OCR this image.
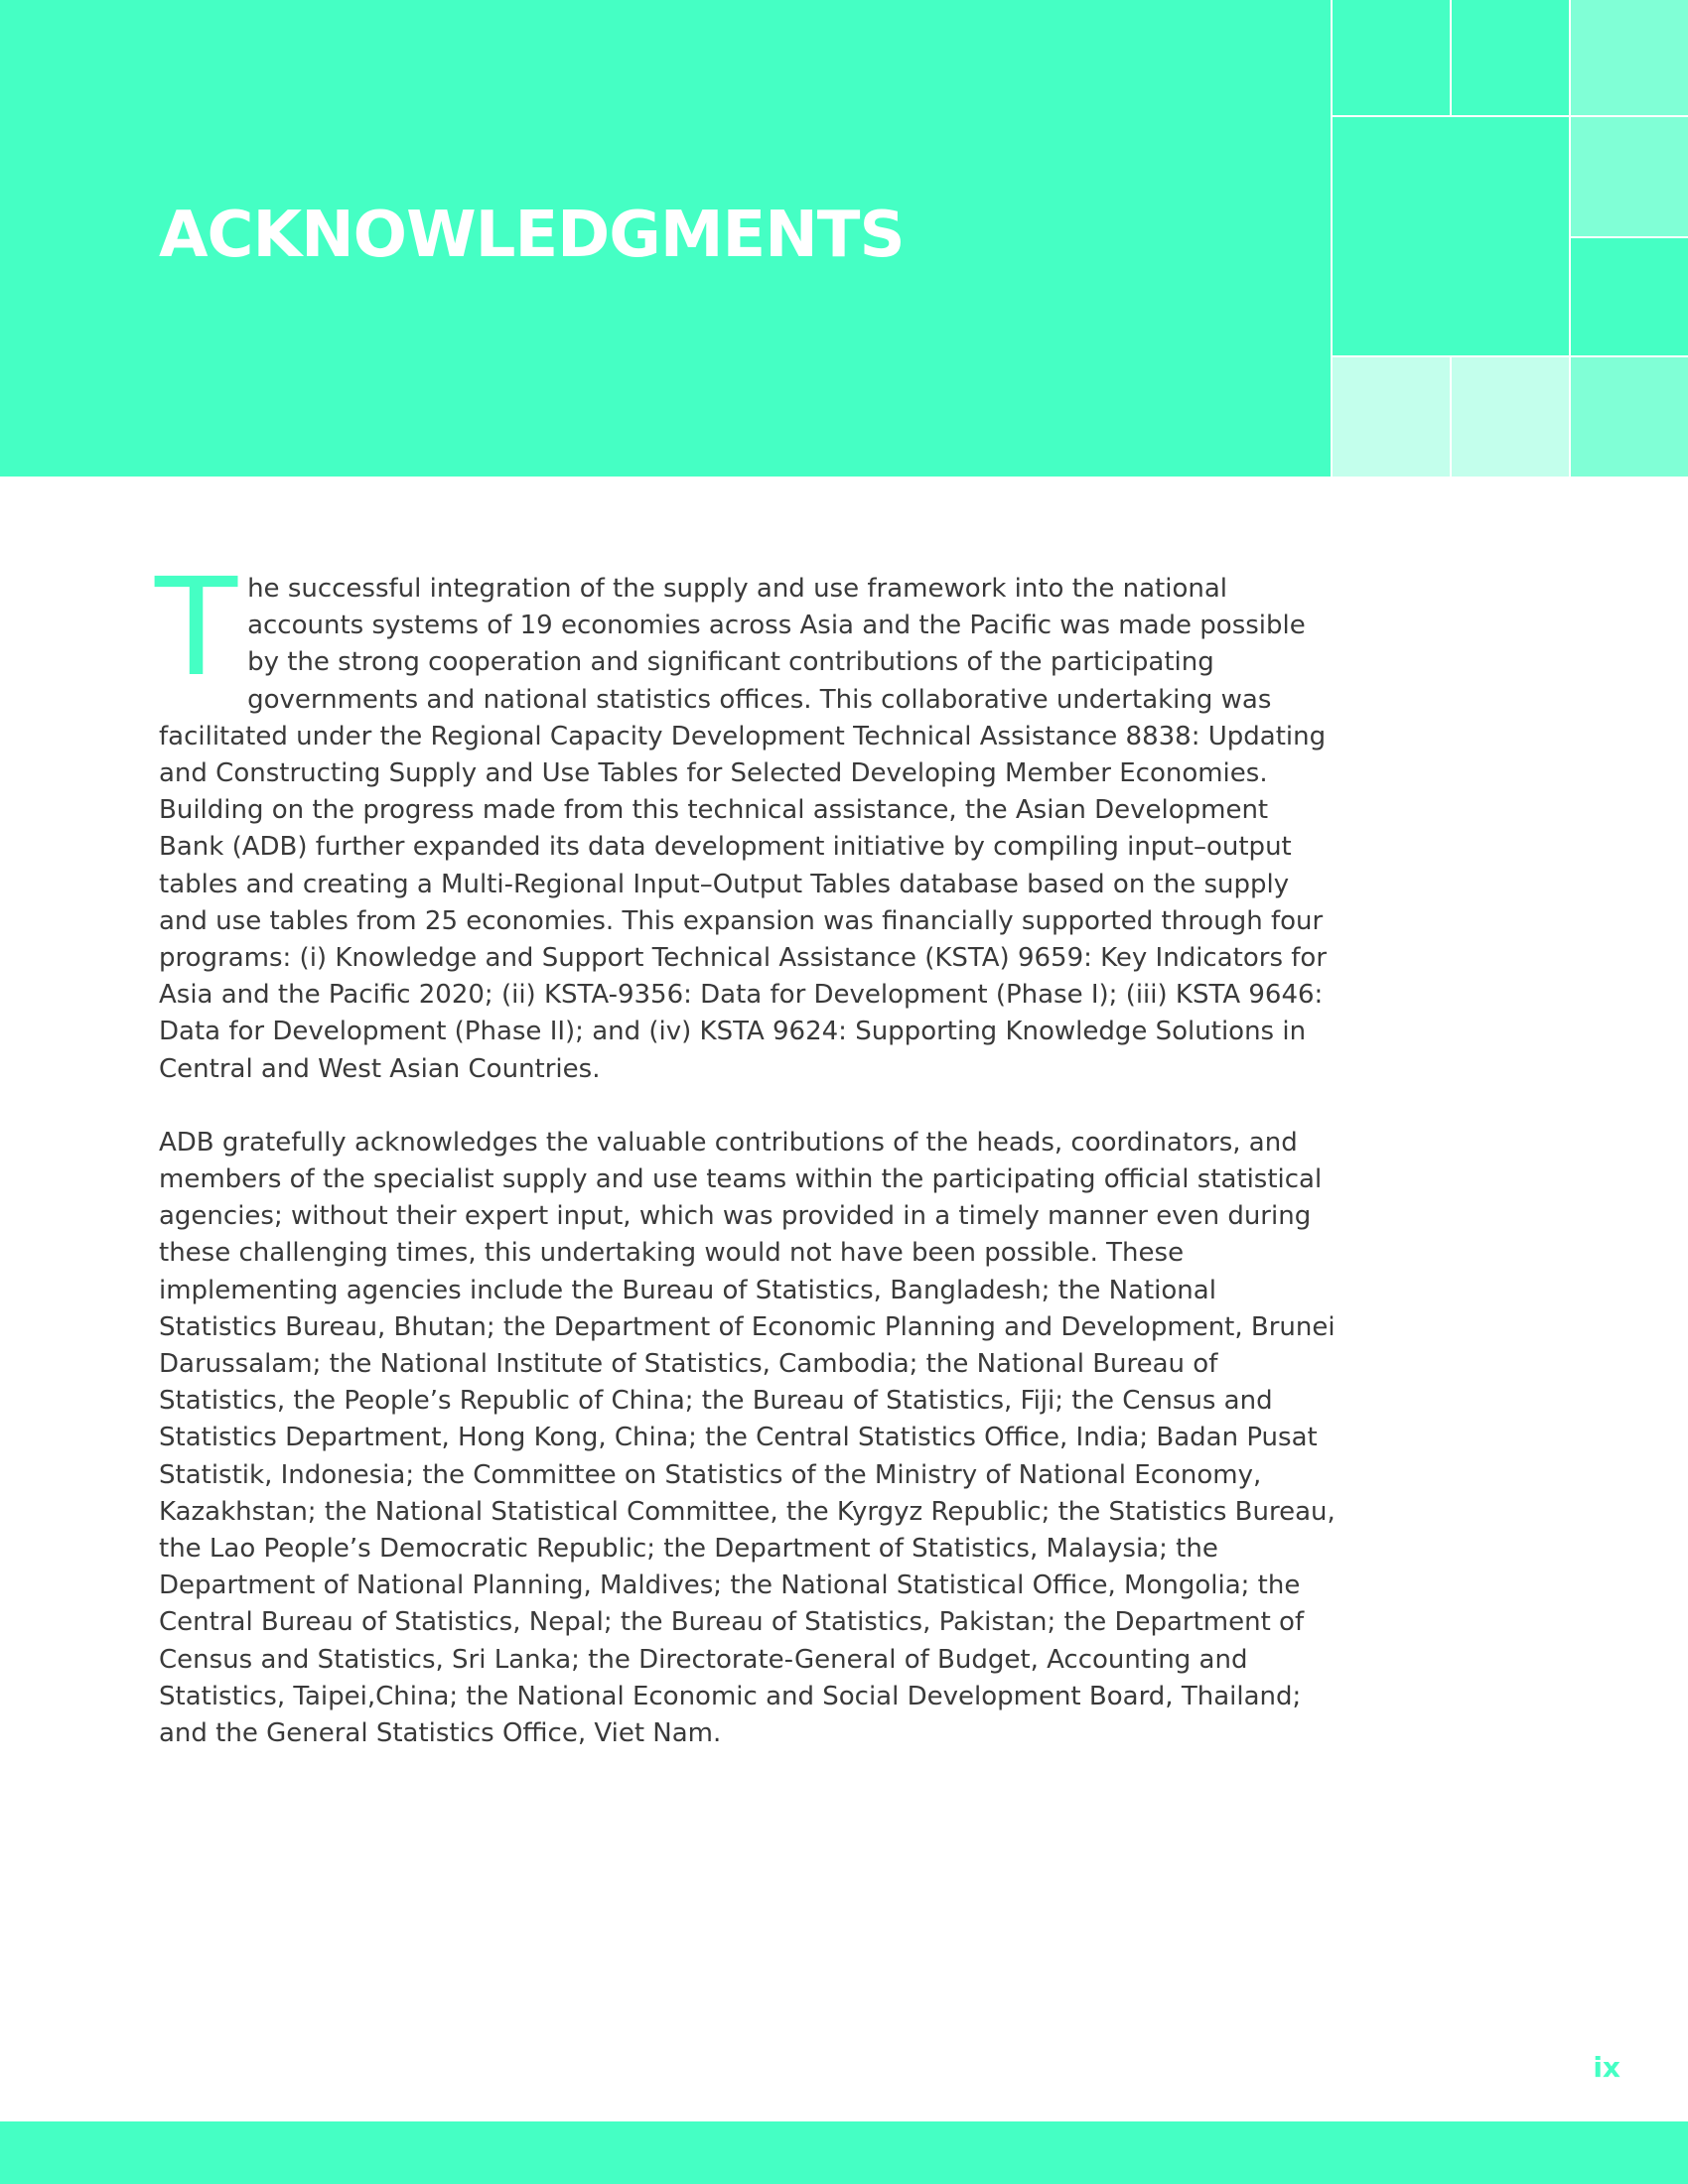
ACKNOWLEDGMENTS

The successful integration of the supply and use framework into the national accounts systems of 19 economies across Asia and the Pacific was made possible by the strong cooperation and significant contributions of the participating governments and national statistics offices. This collaborative undertaking was facilitated under the Regional Capacity Development Technical Assistance 8838: Updating and Constructing Supply and Use Tables for Selected Developing Member Economies. Building on the progress made from this technical assistance, the Asian Development Bank (ADB) further expanded its data development initiative by compiling input–output tables and creating a Multi-Regional Input–Output Tables database based on the supply and use tables from 25 economies. This expansion was financially supported through four programs: (i) Knowledge and Support Technical Assistance (KSTA) 9659: Key Indicators for Asia and the Pacific 2020; (ii) KSTA-9356: Data for Development (Phase I); (iii) KSTA 9646: Data for Development (Phase II); and (iv) KSTA 9624: Supporting Knowledge Solutions in Central and West Asian Countries.

ADB gratefully acknowledges the valuable contributions of the heads, coordinators, and members of the specialist supply and use teams within the participating official statistical agencies; without their expert input, which was provided in a timely manner even during these challenging times, this undertaking would not have been possible. These implementing agencies include the Bureau of Statistics, Bangladesh; the National Statistics Bureau, Bhutan; the Department of Economic Planning and Development, Brunei Darussalam; the National Institute of Statistics, Cambodia; the National Bureau of Statistics, the People’s Republic of China; the Bureau of Statistics, Fiji; the Census and Statistics Department, Hong Kong, China; the Central Statistics Office, India; Badan Pusat Statistik, Indonesia; the Committee on Statistics of the Ministry of National Economy, Kazakhstan; the National Statistical Committee, the Kyrgyz Republic; the Statistics Bureau, the Lao People’s Democratic Republic; the Department of Statistics, Malaysia; the Department of National Planning, Maldives; the National Statistical Office, Mongolia; the Central Bureau of Statistics, Nepal; the Bureau of Statistics, Pakistan; the Department of Census and Statistics, Sri Lanka; the Directorate-General of Budget, Accounting and Statistics, Taipei,China; the National Economic and Social Development Board, Thailand; and the General Statistics Office, Viet Nam.

ix
